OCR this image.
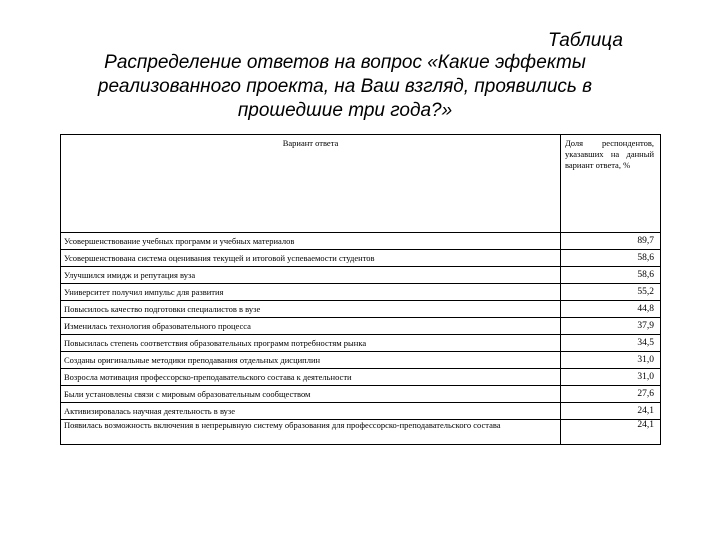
Таблица
Распределение ответов на вопрос «Какие эффекты
реализованного проекта, на Ваш взгляд, проявились в
прошедшие три года?»
Вариант ответа	Доля респондентов, указавших на данный вариант ответа, %
Усовершенствование учебных программ и учебных материалов	89,7
Усовершенствована система оценивания текущей и итоговой успеваемости студентов	58,6
Улучшился имидж и репутация вуза	58,6
Университет получил импульс для развития	55,2
Повысилось качество подготовки специалистов в вузе	44,8
Изменилась технология образовательного процесса	37,9
Повысилась степень соответствия образовательных программ потребностям рынка	34,5
Созданы оригинальные методики преподавания отдельных дисциплин	31,0
Возросла мотивация профессорско-преподавательского состава к деятельности	31,0
Были установлены связи с мировым образовательным сообществом	27,6
Активизировалась научная деятельность в вузе	24,1
Появилась возможность включения в непрерывную систему образования для профессорско-преподавательского состава	24,1
